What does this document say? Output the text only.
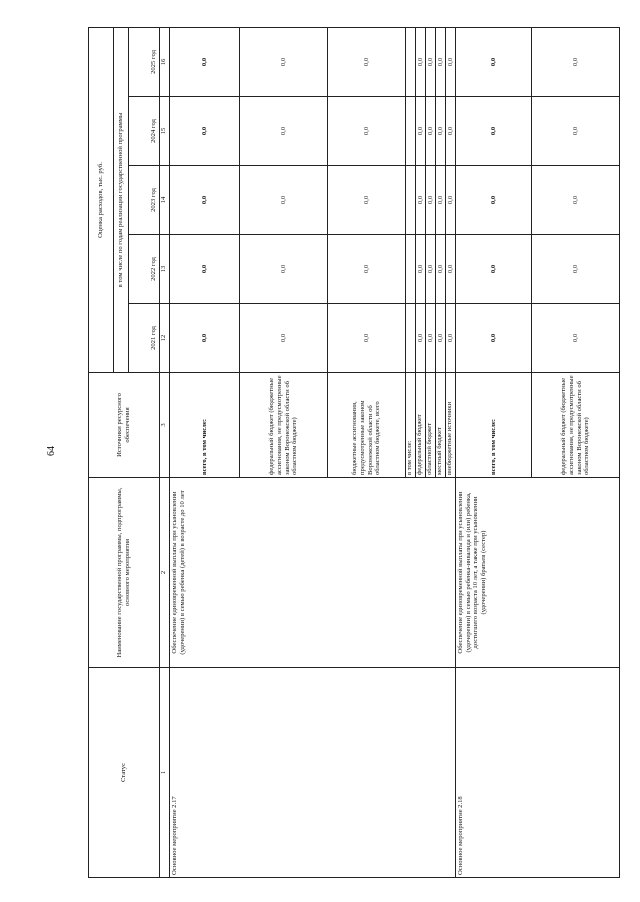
64
Статус	Наименование государственной программы, подпрограммы, основного мероприятия	Источники ресурсного обеспечения	Оценка расходов, тыс. руб.				
			в том числе по годам реализации государственной программы				
			2021 год	2022 год	2023 год	2024 год	2025 год
1	2	3	12	13	14	15	16
Основное мероприятие 2.17	Обеспечение единовременной выплаты при усыновлении (удочерении) в семью ребенка (детей) в возрасте до 10 лет	всего, в том числе:	0,0	0,0	0,0	0,0	0,0
		федеральный бюджет (бюджетные ассигнования, не предусмотренные законом Воронежской области об областном бюджете)	0,0	0,0	0,0	0,0	0,0
		бюджетные ассигнования, предусмотренные законом Воронежской области об областном бюджете, всего	0,0	0,0	0,0	0,0	0,0
		в том числе:					
		федеральный бюджет	0,0	0,0	0,0	0,0	0,0
		областной бюджет	0,0	0,0	0,0	0,0	0,0
		местный бюджет	0,0	0,0	0,0	0,0	0,0
		внебюджетные источники	0,0	0,0	0,0	0,0	0,0
Основное мероприятие 2.18	Обеспечение единовременной выплаты при усыновлении (удочерении) в семью ребенка-инвалида и (или) ребенка, достигшего возраста 10 лет, а также при усыновлении (удочерении) братьев (сестер)	всего, в том числе:	0,0	0,0	0,0	0,0	0,0
		федеральный бюджет (бюджетные ассигнования, не предусмотренные законом Воронежской области об областном бюджете)	0,0	0,0	0,0	0,0	0,0
